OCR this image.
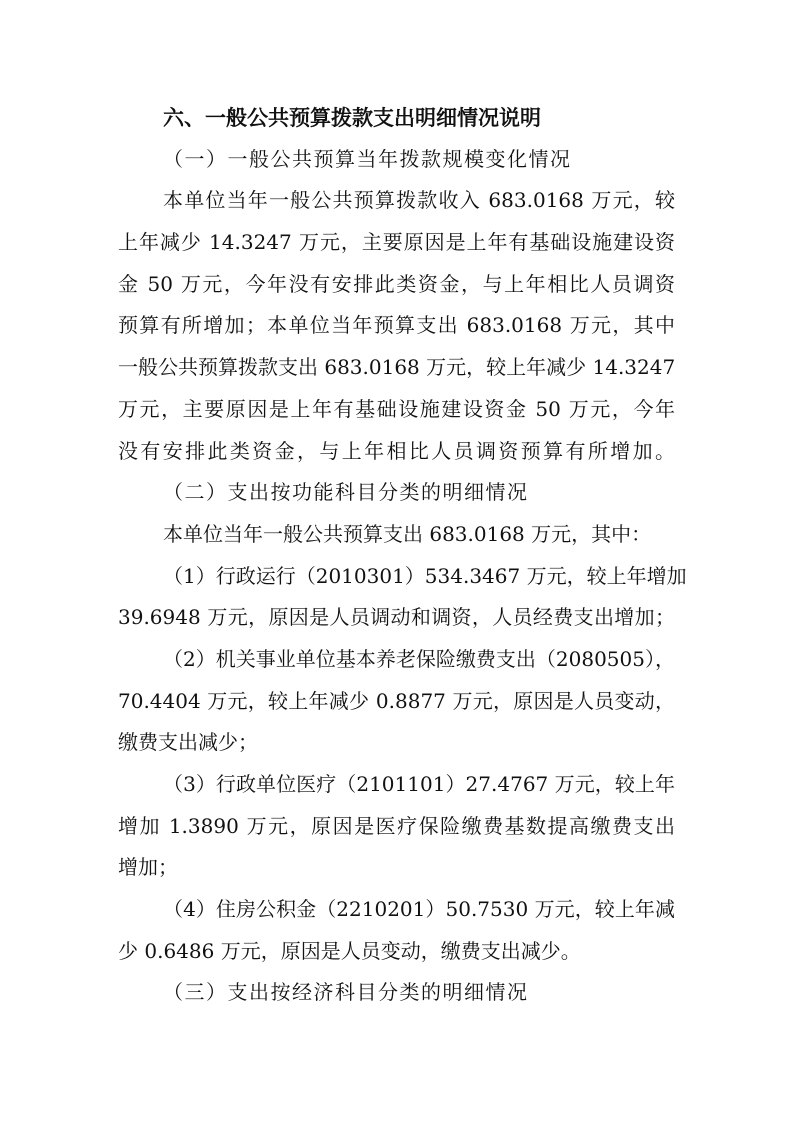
六、一般公共预算拨款支出明细情况说明
（一）一般公共预算当年拨款规模变化情况
本单位当年一般公共预算拨款收入 683.0168 万元，较
上年减少 14.3247 万元，主要原因是上年有基础设施建设资
金 50 万元，今年没有安排此类资金，与上年相比人员调资
预算有所增加；本单位当年预算支出 683.0168 万元，其中
一般公共预算拨款支出 683.0168 万元，较上年减少 14.3247
万元，主要原因是上年有基础设施建设资金 50 万元，今年
没有安排此类资金，与上年相比人员调资预算有所增加。
（二）支出按功能科目分类的明细情况
本单位当年一般公共预算支出 683.0168 万元，其中：
（1）行政运行（2010301）534.3467 万元，较上年增加
39.6948 万元，原因是人员调动和调资，人员经费支出增加；
（2）机关事业单位基本养老保险缴费支出（2080505），
70.4404 万元，较上年减少 0.8877 万元，原因是人员变动，
缴费支出减少；
（3）行政单位医疗（2101101）27.4767 万元，较上年
增加 1.3890 万元，原因是医疗保险缴费基数提高缴费支出
增加；
（4）住房公积金（2210201）50.7530 万元，较上年减
少 0.6486 万元，原因是人员变动，缴费支出减少。
（三）支出按经济科目分类的明细情况
